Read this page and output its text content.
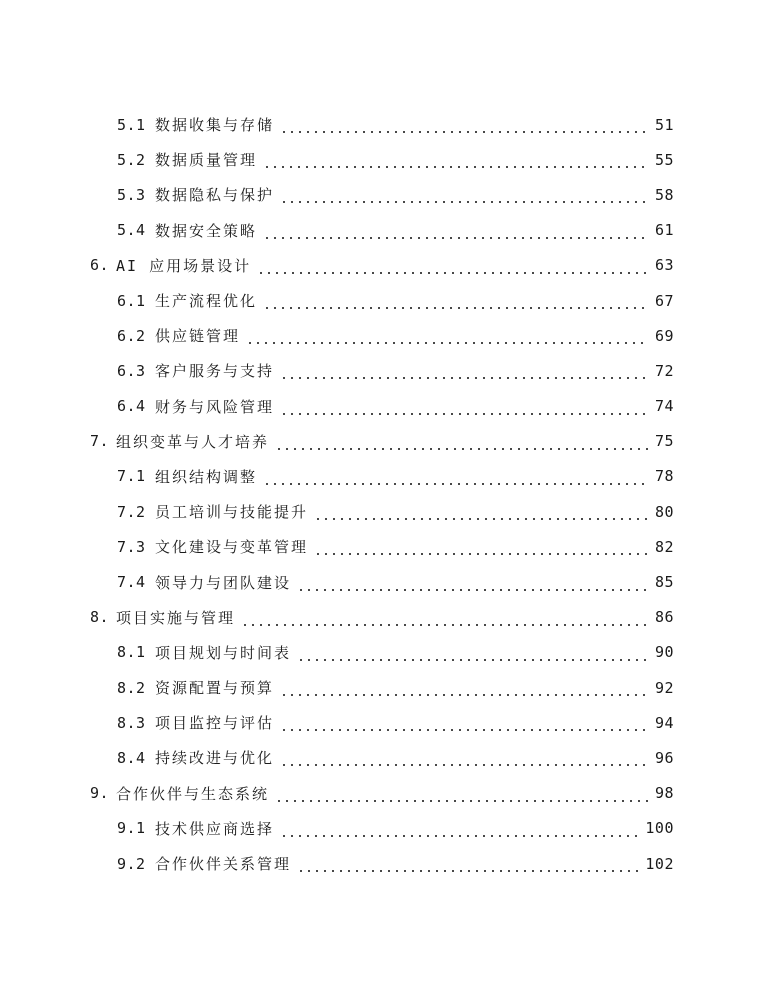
5.1 数据收集与存储	51
5.2 数据质量管理	55
5.3 数据隐私与保护	58
5.4 数据安全策略	61
6. AI 应用场景设计	63
6.1 生产流程优化	67
6.2 供应链管理	69
6.3 客户服务与支持	72
6.4 财务与风险管理	74
7. 组织变革与人才培养	75
7.1 组织结构调整	78
7.2 员工培训与技能提升	80
7.3 文化建设与变革管理	82
7.4 领导力与团队建设	85
8. 项目实施与管理	86
8.1 项目规划与时间表	90
8.2 资源配置与预算	92
8.3 项目监控与评估	94
8.4 持续改进与优化	96
9. 合作伙伴与生态系统	98
9.1 技术供应商选择	100
9.2 合作伙伴关系管理	102
